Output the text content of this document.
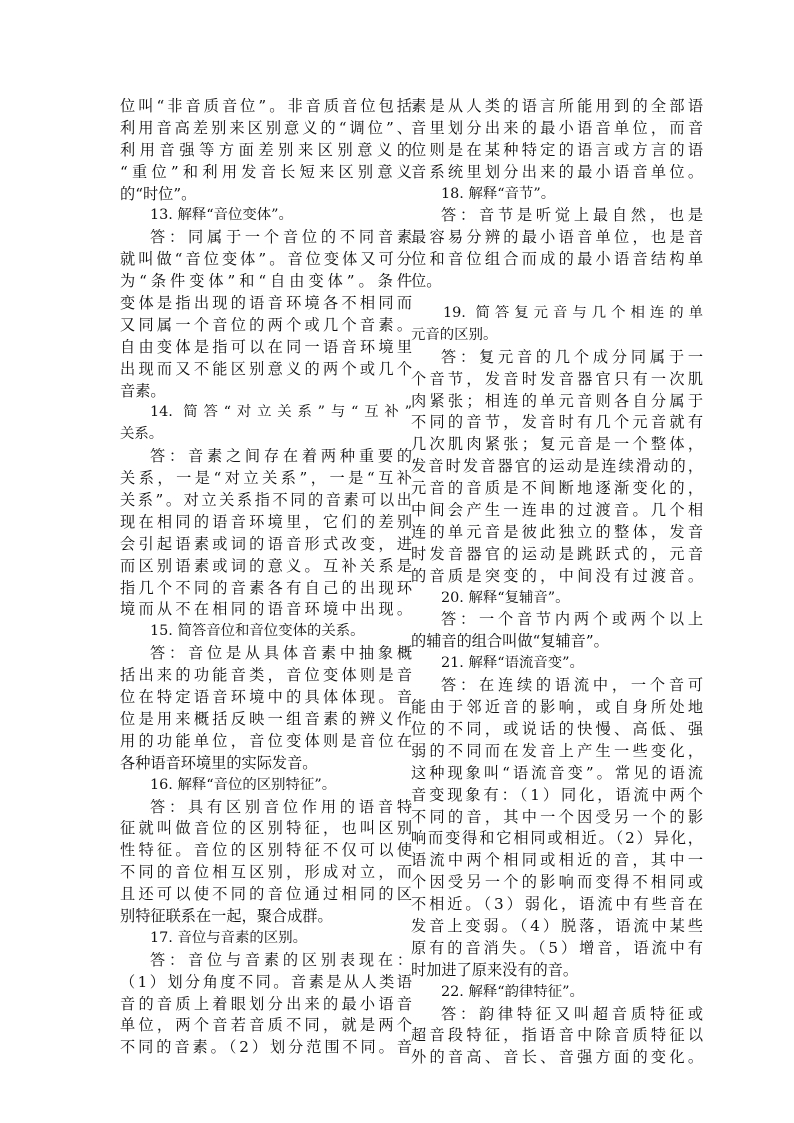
位叫“非音质音位”。非音质音位包括
利用音高差别来区别意义的“调位”、
利用音强等方面差别来区别意义的
“重位”和利用发音长短来区别意义
的“时位”。
13. 解释“音位变体”。
答：同属于一个音位的不同音素
就叫做“音位变体”。音位变体又可分
为“条件变体”和“自由变体”。条件
变体是指出现的语音环境各不相同而
又同属一个音位的两个或几个音素。
自由变体是指可以在同一语音环境里
出现而又不能区别意义的两个或几个
音素。
14. 简答“对立关系”与“互补”
关系。
答：音素之间存在着两种重要的
关系，一是“对立关系”，一是“互补
关系”。对立关系指不同的音素可以出
现在相同的语音环境里，它们的差别
会引起语素或词的语音形式改变，进
而区别语素或词的意义。互补关系是
指几个不同的音素各有自己的出现环
境而从不在相同的语音环境中出现。
15. 简答音位和音位变体的关系。
答：音位是从具体音素中抽象概
括出来的功能音类，音位变体则是音
位在特定语音环境中的具体体现。音
位是用来概括反映一组音素的辨义作
用的功能单位，音位变体则是音位在
各种语音环境里的实际发音。
16. 解释“音位的区别特征”。
答：具有区别音位作用的语音特
征就叫做音位的区别特征，也叫区别
性特征。音位的区别特征不仅可以使
不同的音位相互区别，形成对立，而
且还可以使不同的音位通过相同的区
别特征联系在一起，聚合成群。
17. 音位与音素的区别。
答：音位与音素的区别表现在：
（1）划分角度不同。音素是从人类语
音的音质上着眼划分出来的最小语音
单位，两个音若音质不同，就是两个
不同的音素。（2）划分范围不同。音
素是从人类的语言所能用到的全部语
音里划分出来的最小语音单位，而音
位则是在某种特定的语言或方言的语
音系统里划分出来的最小语音单位。
18. 解释“音节”。
答：音节是听觉上最自然，也是
最容易分辨的最小语音单位，也是音
位和音位组合而成的最小语音结构单
位。
19. 简答复元音与几个相连的单
元音的区别。
答：复元音的几个成分同属于一
个音节，发音时发音器官只有一次肌
肉紧张；相连的单元音则各自分属于
不同的音节，发音时有几个元音就有
几次肌肉紧张；复元音是一个整体，
发音时发音器官的运动是连续滑动的，
元音的音质是不间断地逐渐变化的，
中间会产生一连串的过渡音。几个相
连的单元音是彼此独立的整体，发音
时发音器官的运动是跳跃式的，元音
的音质是突变的，中间没有过渡音。
20. 解释“复辅音”。
答：一个音节内两个或两个以上
的辅音的组合叫做“复辅音”。
21. 解释“语流音变”。
答：在连续的语流中，一个音可
能由于邻近音的影响，或自身所处地
位的不同，或说话的快慢、高低、强
弱的不同而在发音上产生一些变化，
这种现象叫“语流音变”。常见的语流
音变现象有：（1）同化，语流中两个
不同的音，其中一个因受另一个的影
响而变得和它相同或相近。（2）异化，
语流中两个相同或相近的音，其中一
个因受另一个的影响而变得不相同或
不相近。（3）弱化，语流中有些音在
发音上变弱。（4）脱落，语流中某些
原有的音消失。（5）增音，语流中有
时加进了原来没有的音。
22. 解释“韵律特征”。
答：韵律特征又叫超音质特征或
超音段特征，指语音中除音质特征以
外的音高、音长、音强方面的变化。
